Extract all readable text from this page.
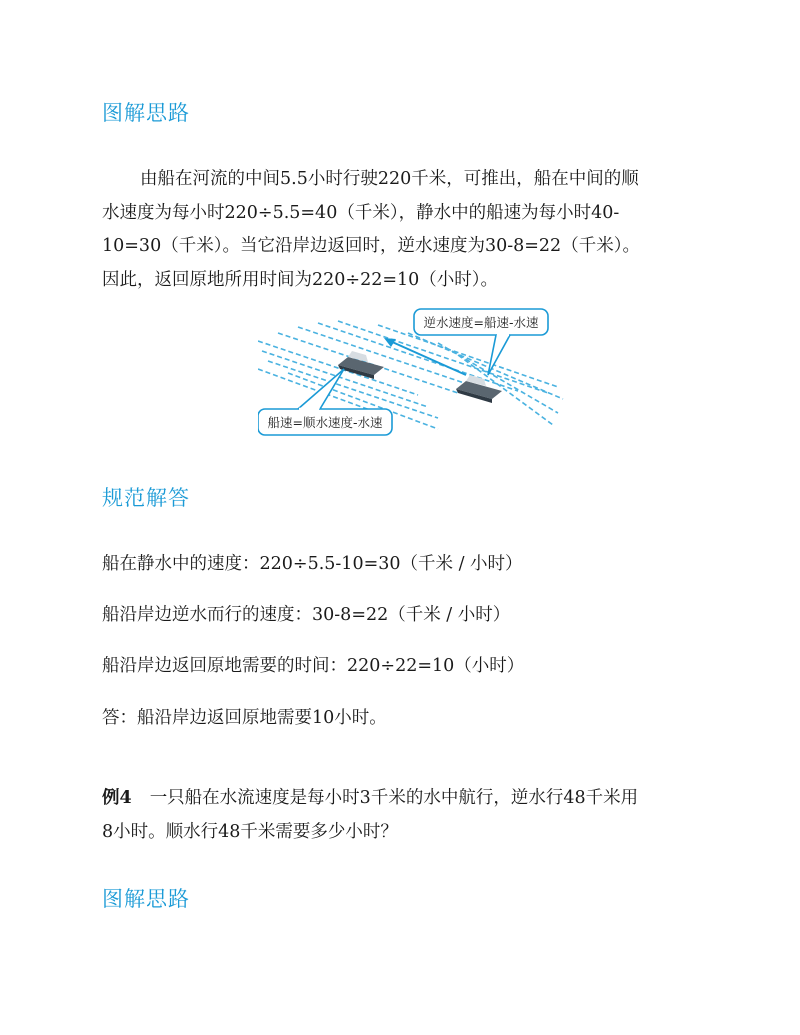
图解思路
由船在河流的中间5.5小时行驶220千米，可推出，船在中间的顺
水速度为每小时220÷5.5=40（千米），静水中的船速为每小时40-
10=30（千米）。当它沿岸边返回时，逆水速度为30-8=22（千米）。
因此，返回原地所用时间为220÷22=10（小时）。
逆水速度=船速-水速
船速=顺水速度-水速
规范解答
船在静水中的速度：220÷5.5-10=30（千米 / 小时）
船沿岸边逆水而行的速度：30-8=22（千米 / 小时）
船沿岸边返回原地需要的时间：220÷22=10（小时）
答：船沿岸边返回原地需要10小时。
例4 一只船在水流速度是每小时3千米的水中航行，逆水行48千米用
8小时。顺水行48千米需要多少小时？
图解思路
